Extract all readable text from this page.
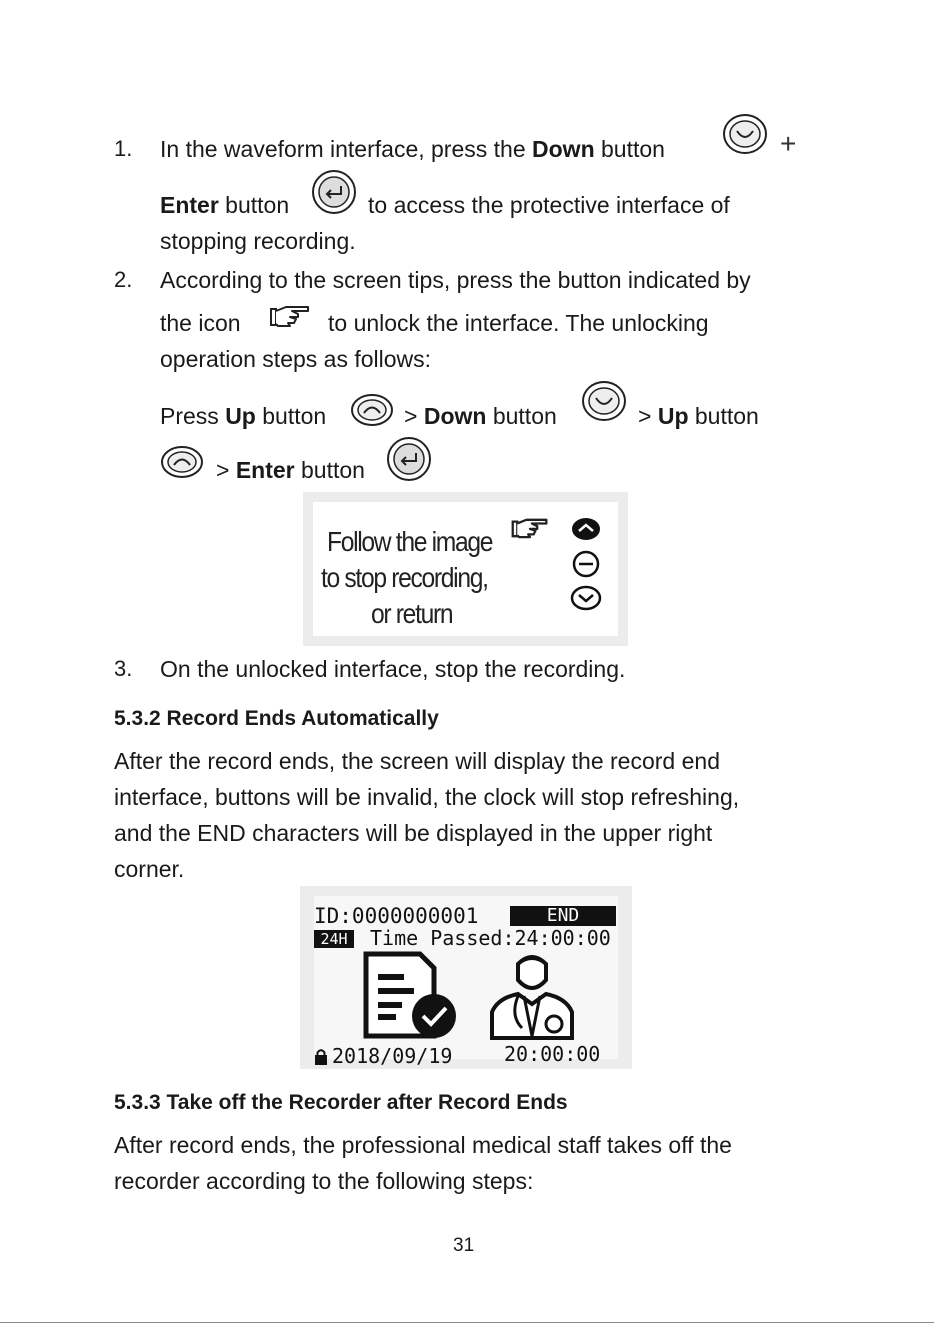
1. In the waveform interface, press the Down button	+
Enter button	to access the protective interface of
stopping recording.
2. According to the screen tips, press the button indicated by
the icon	to unlock the interface. The unlocking
operation steps as follows:
Press Up button	> Down button	> Up button
> Enter button
Follow the image
to stop recording,
or return
3. On the unlocked interface, stop the recording.
5.3.2 Record Ends Automatically
After the record ends, the screen will display the record end
interface, buttons will be invalid, the clock will stop refreshing,
and the END characters will be displayed in the upper right
corner.
ID:0000000001	END
24H	Time Passed:24:00:00
2018/09/19	20:00:00
5.3.3 Take off the Recorder after Record Ends
After record ends, the professional medical staff takes off the
recorder according to the following steps:
31
